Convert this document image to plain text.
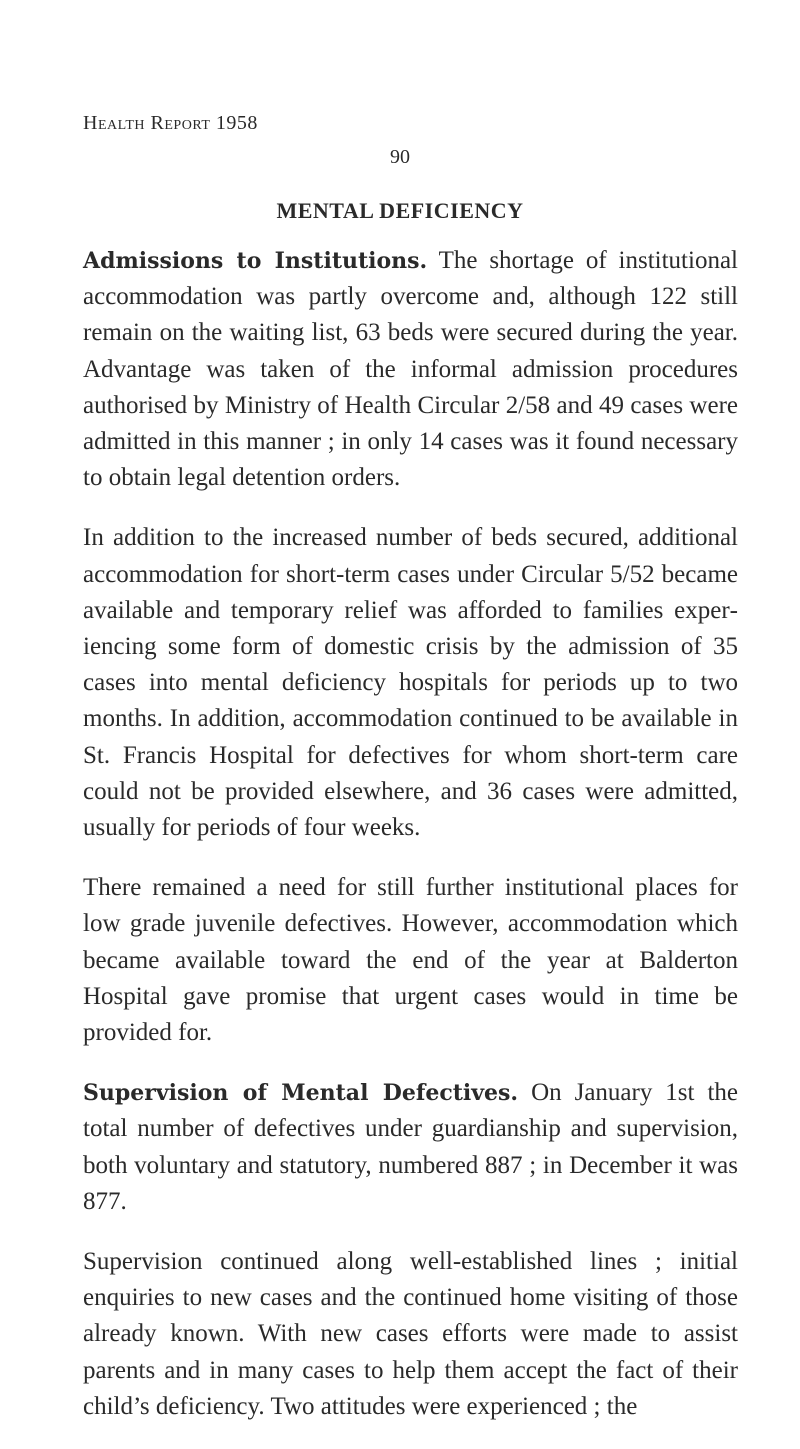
Health Report 1958
90
MENTAL DEFICIENCY

Admissions to Institutions. The shortage of institutional accommodation was partly overcome and, although 122 still remain on the waiting list, 63 beds were secured during the year. Advantage was taken of the informal admission procedures authorised by Ministry of Health Circular 2/58 and 49 cases were admitted in this manner ; in only 14 cases was it found necessary to obtain legal detention orders.

In addition to the increased number of beds secured, additional accommodation for short-term cases under Circular 5/52 became available and temporary relief was afforded to families experiencing some form of domestic crisis by the admission of 35 cases into mental deficiency hospitals for periods up to two months. In addition, accommodation continued to be available in St. Francis Hospital for defectives for whom short-term care could not be provided elsewhere, and 36 cases were admitted, usually for periods of four weeks.

There remained a need for still further institutional places for low grade juvenile defectives. However, accommodation which became available toward the end of the year at Balderton Hospital gave promise that urgent cases would in time be provided for.

Supervision of Mental Defectives. On January 1st the total number of defectives under guardianship and supervision, both voluntary and statutory, numbered 887 ; in December it was 877.

Supervision continued along well-established lines ; initial enquiries to new cases and the continued home visiting of those already known. With new cases efforts were made to assist parents and in many cases to help them accept the fact of their child’s deficiency. Two attitudes were experienced ; the
